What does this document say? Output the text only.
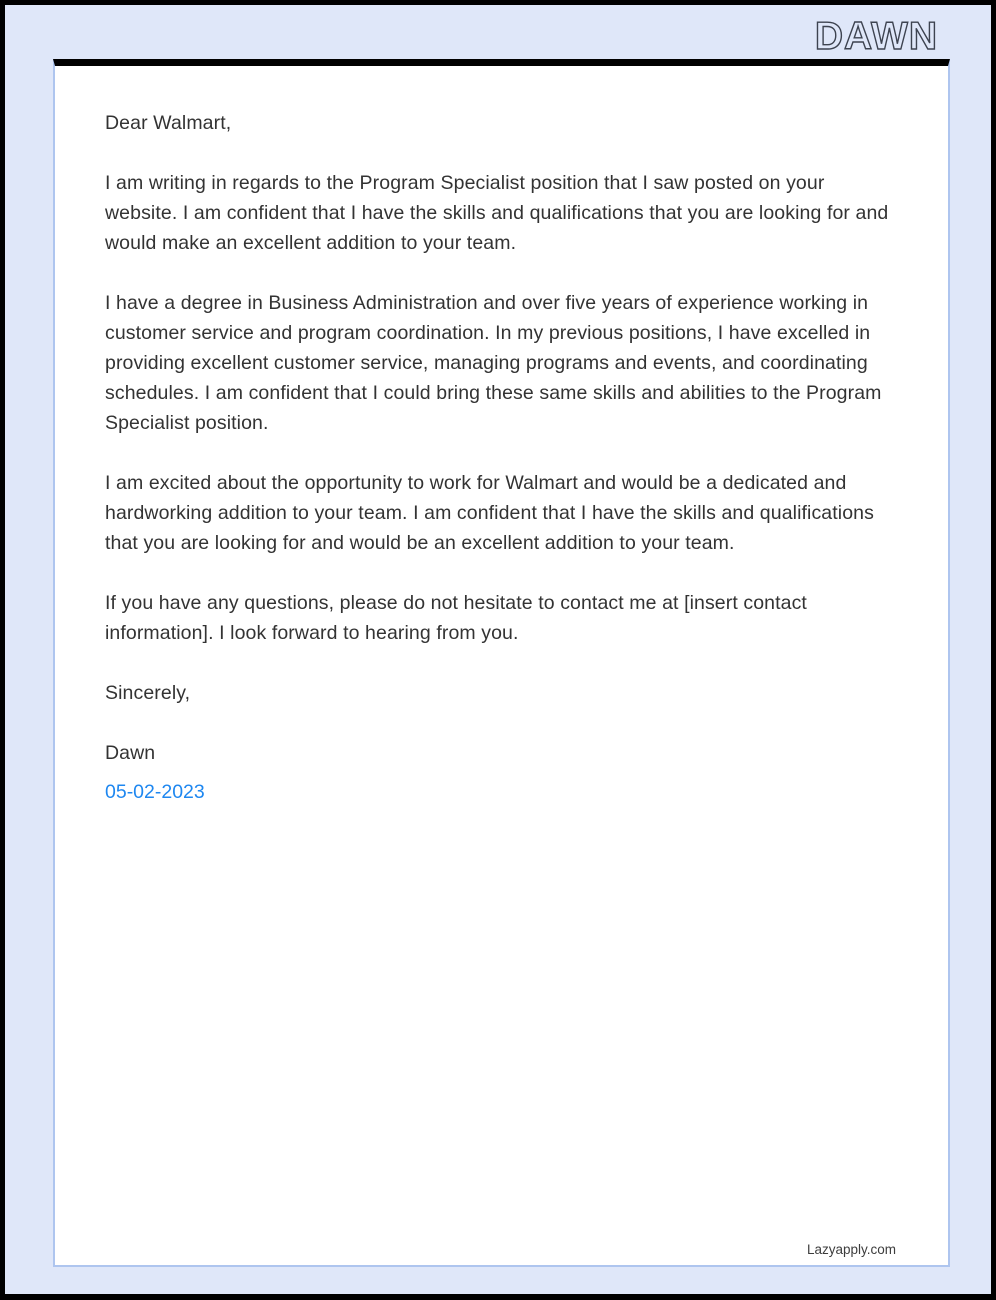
DAWN

Dear Walmart,

I am writing in regards to the Program Specialist position that I saw posted on your website. I am confident that I have the skills and qualifications that you are looking for and would make an excellent addition to your team.

I have a degree in Business Administration and over five years of experience working in customer service and program coordination. In my previous positions, I have excelled in providing excellent customer service, managing programs and events, and coordinating schedules. I am confident that I could bring these same skills and abilities to the Program Specialist position.

I am excited about the opportunity to work for Walmart and would be a dedicated and hardworking addition to your team. I am confident that I have the skills and qualifications that you are looking for and would be an excellent addition to your team.

If you have any questions, please do not hesitate to contact me at [insert contact information]. I look forward to hearing from you.

Sincerely,

Dawn

05-02-2023
Lazyapply.com
